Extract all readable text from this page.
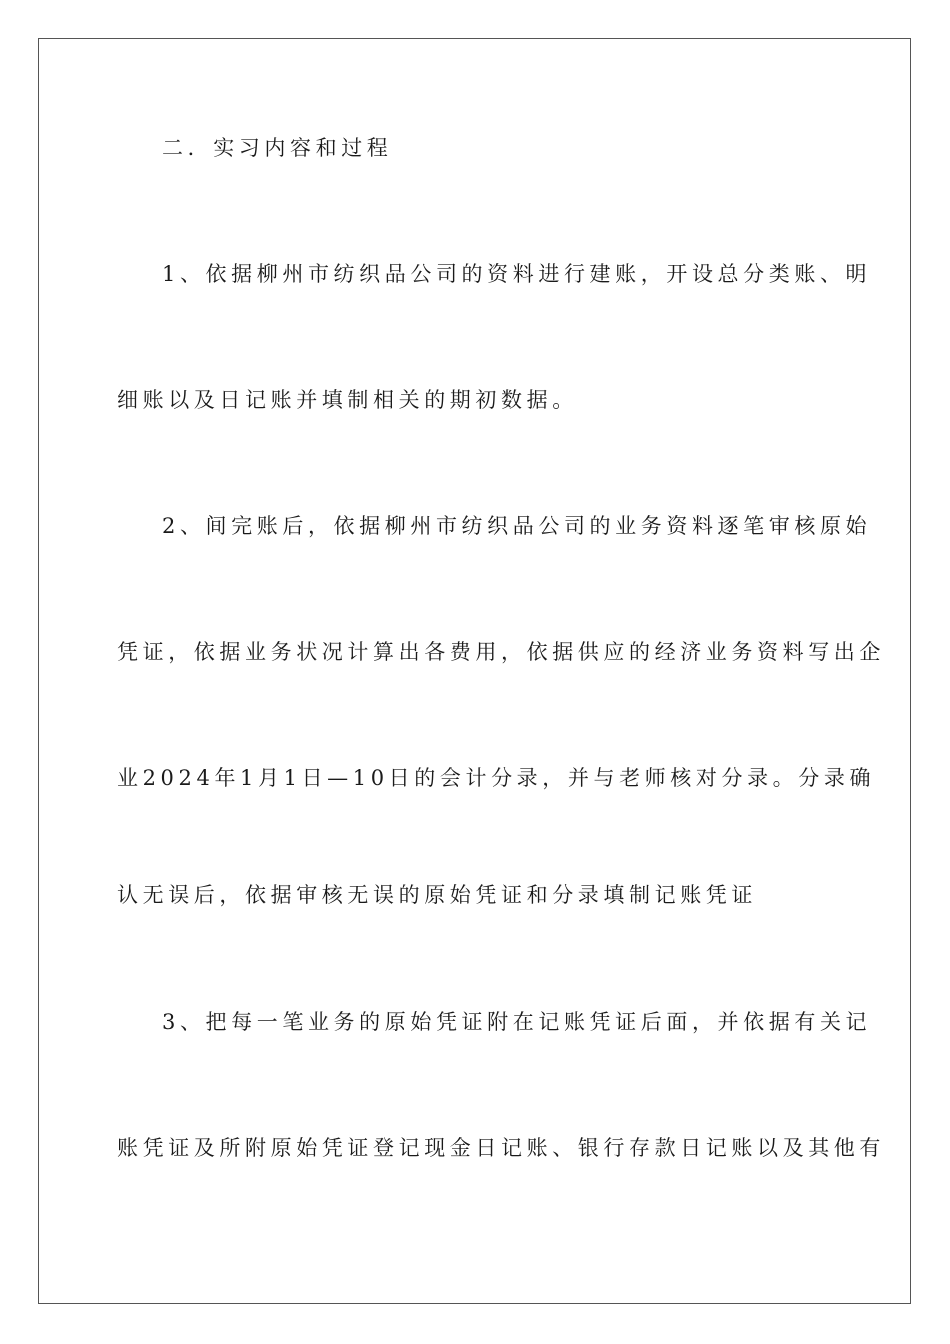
二．实习内容和过程
1、依据柳州市纺织品公司的资料进行建账，开设总分类账、明
细账以及日记账并填制相关的期初数据。
2、间完账后，依据柳州市纺织品公司的业务资料逐笔审核原始
凭证，依据业务状况计算出各费用，依据供应的经济业务资料写出企
业2024年1月1日—10日的会计分录，并与老师核对分录。分录确
认无误后，依据审核无误的原始凭证和分录填制记账凭证
3、把每一笔业务的原始凭证附在记账凭证后面，并依据有关记
账凭证及所附原始凭证登记现金日记账、银行存款日记账以及其他有
